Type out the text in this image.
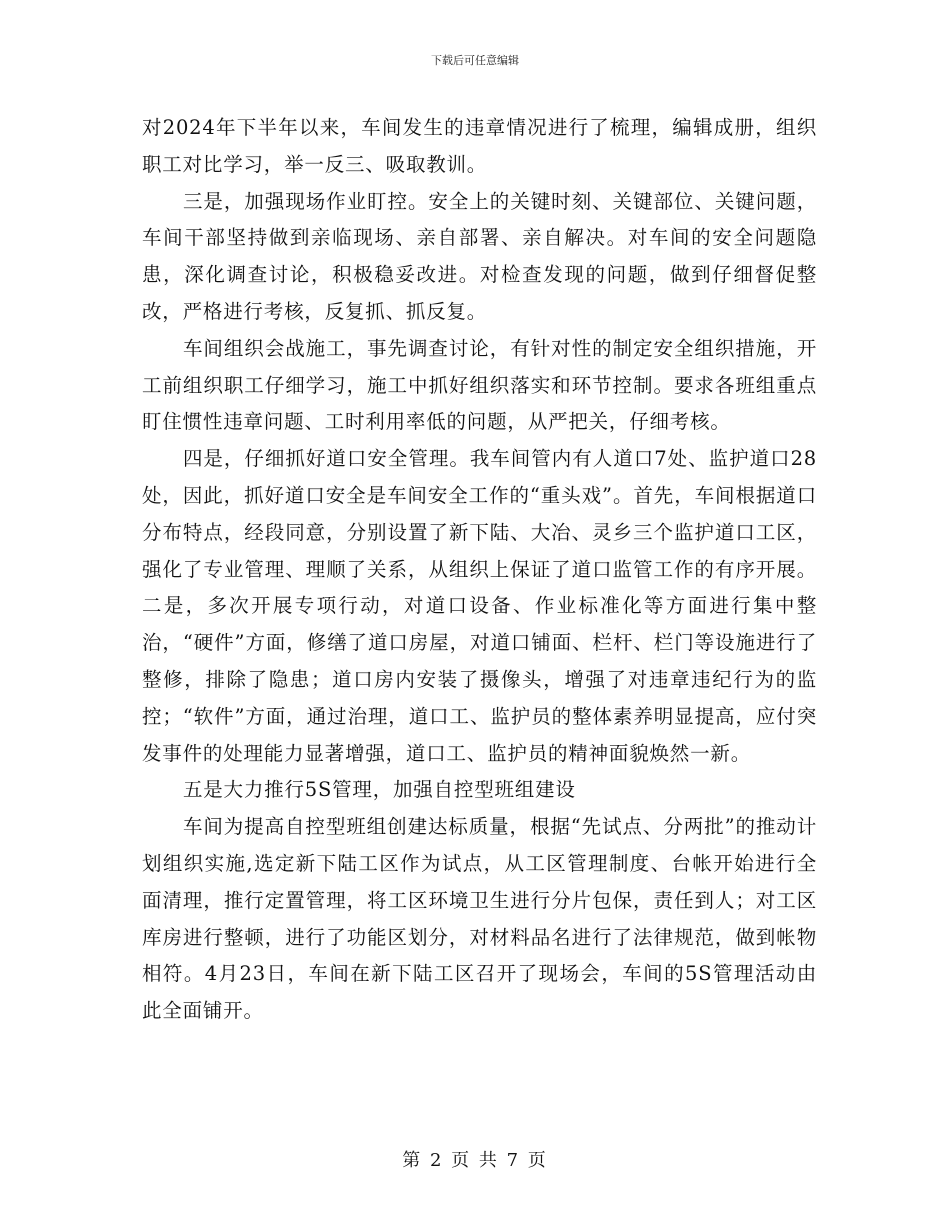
下载后可任意编辑

对2024年下半年以来，车间发生的违章情况进行了梳理，编辑成册，组织职工对比学习，举一反三、吸取教训。

三是，加强现场作业盯控。安全上的关键时刻、关键部位、关键问题，车间干部坚持做到亲临现场、亲自部署、亲自解决。对车间的安全问题隐患，深化调查讨论，积极稳妥改进。对检查发现的问题，做到仔细督促整改，严格进行考核，反复抓、抓反复。

车间组织会战施工，事先调查讨论，有针对性的制定安全组织措施，开工前组织职工仔细学习，施工中抓好组织落实和环节控制。要求各班组重点盯住惯性违章问题、工时利用率低的问题，从严把关，仔细考核。

四是，仔细抓好道口安全管理。我车间管内有人道口7处、监护道口28处，因此，抓好道口安全是车间安全工作的“重头戏”。首先，车间根据道口分布特点，经段同意，分别设置了新下陆、大冶、灵乡三个监护道口工区，强化了专业管理、理顺了关系，从组织上保证了道口监管工作的有序开展。二是，多次开展专项行动，对道口设备、作业标准化等方面进行集中整治，“硬件”方面，修缮了道口房屋，对道口铺面、栏杆、栏门等设施进行了整修，排除了隐患；道口房内安装了摄像头，增强了对违章违纪行为的监控；“软件”方面，通过治理，道口工、监护员的整体素养明显提高，应付突发事件的处理能力显著增强，道口工、监护员的精神面貌焕然一新。

五是大力推行5S管理，加强自控型班组建设

车间为提高自控型班组创建达标质量，根据“先试点、分两批”的推动计划组织实施,选定新下陆工区作为试点，从工区管理制度、台帐开始进行全面清理，推行定置管理，将工区环境卫生进行分片包保，责任到人；对工区库房进行整顿，进行了功能区划分，对材料品名进行了法律规范，做到帐物相符。4月23日，车间在新下陆工区召开了现场会，车间的5S管理活动由此全面铺开。

第 2 页 共 7 页
